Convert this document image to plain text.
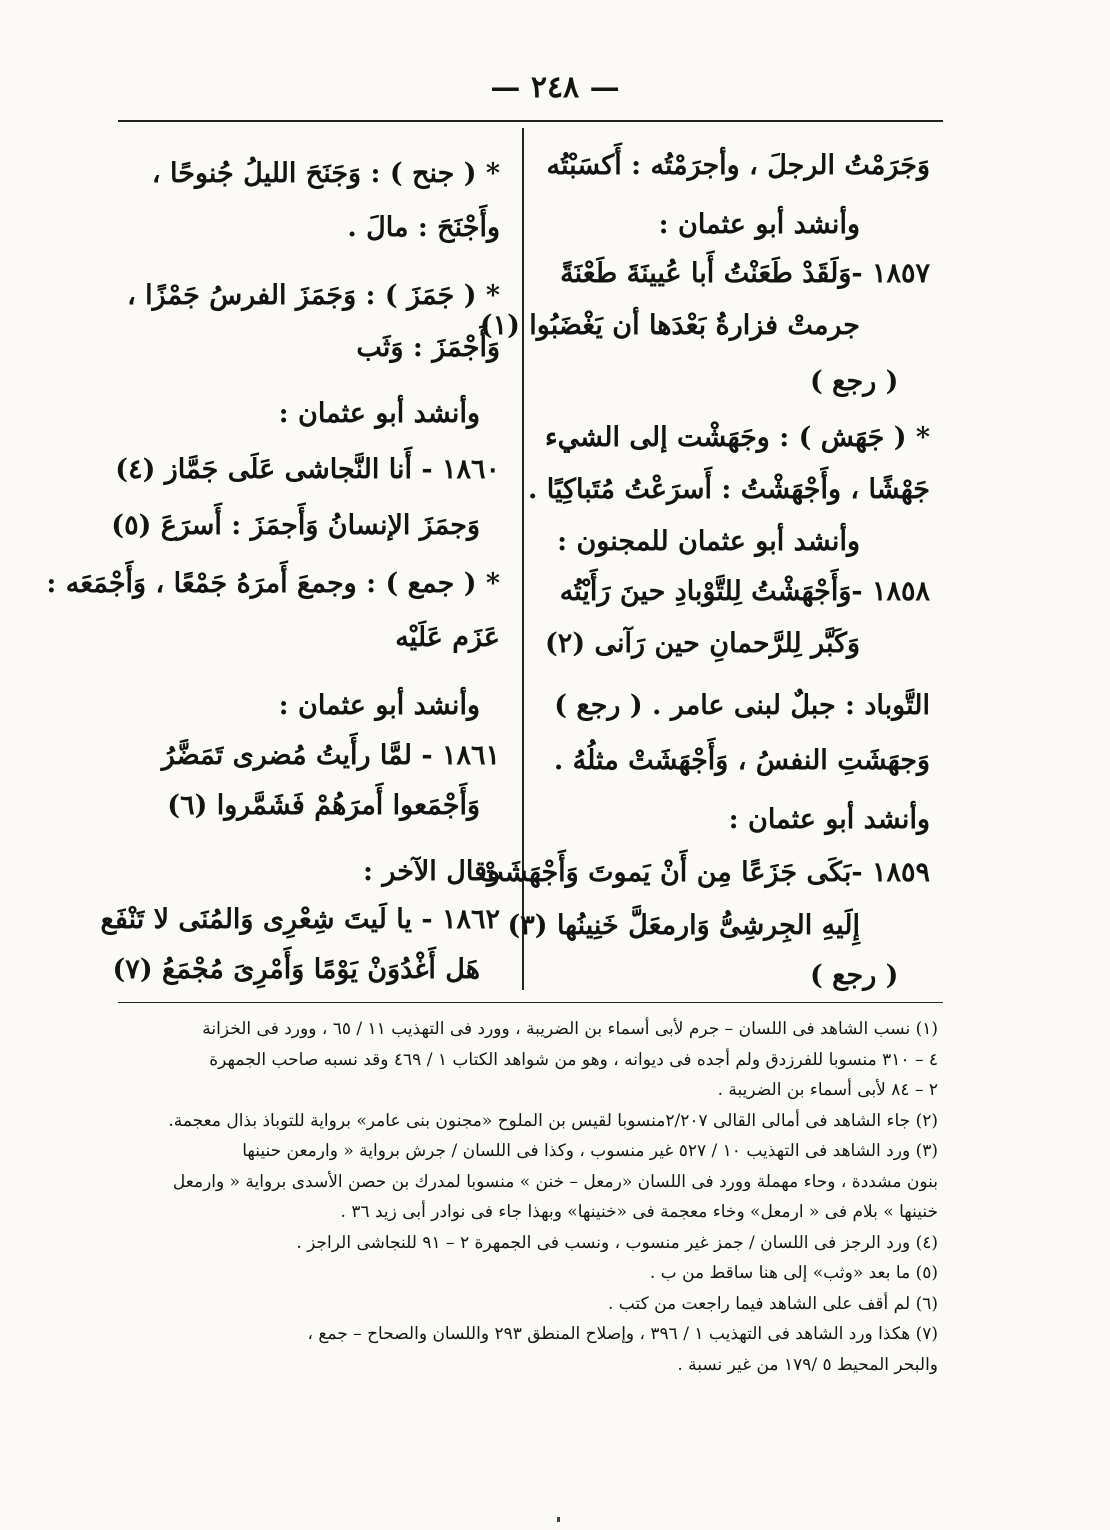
— ٢٤٨ —
وَجَرَمْتُ الرجلَ ، وأجرَمْتُه : أَكسَبْتُه
وأنشد أبو عثمان :
١٨٥٧ -وَلَقَدْ طَعَنْتُ أَبا عُيينَةَ طَعْنَةً
جرمتْ فزارةُ بَعْدَها أن يَغْضَبُوا (١)
( رجع )
* ( جَهَش ) : وجَهَشْت إلى الشيء
جَهْشًا ، وأَجْهَشْتُ : أَسرَعْتُ مُتَباكِيًا .
وأنشد أبو عثمان للمجنون :
١٨٥٨ -وَأَجْهَشْتُ لِلتَّوْبادِ حينَ رَأَيْتُه
وَكَبَّر لِلرَّحمانِ حين رَآنى (٢)
التَّوباد : جبلٌ لبنى عامر . ( رجع )
وَجهَشَتِ النفسُ ، وَأَجْهَشَتْ مثلُهُ .
وأنشد أبو عثمان :
١٨٥٩ -بَكَى جَزَعًا مِن أَنْ يَموتَ وَأَجْهَشَتْ
إِلَيهِ الجِرشِىُّ وَارمعَلَّ خَنِينُها (٣)
( رجع )
* ( جنح ) : وَجَنَحَ الليلُ جُنوحًا ،
وأَجْنَحَ : مالَ .
* ( جَمَزَ ) : وَجَمَزَ الفرسُ جَمْزًا ،
وَأَجْمَزَ : وَثَب
وأنشد أبو عثمان :
١٨٦٠ - أَنا النَّجاشى عَلَى جَمَّاز (٤)
وَجمَزَ الإنسانُ وَأَجمَزَ : أَسرَعَ (٥)
* ( جمع ) : وجمعَ أَمرَهُ جَمْعًا ، وَأَجْمَعَه :
عَزَم عَلَيْه
وأنشد أبو عثمان :
١٨٦١ - لمَّا رأَيتُ مُضرى تَمَضَّرُ
وَأَجْمَعوا أَمرَهُمْ فَشَمَّروا (٦)
وقال الآخر :
١٨٦٢ - يا لَيتَ شِعْرِى وَالمُنَى لا تَنْفَع
هَل أَغْدُوَنْ يَوْمًا وَأَمْرِىَ مُجْمَعُ (٧)

(١) نسب الشاهد فى اللسان – جرم لأبى أسماء بن الضريبة ، وورد فى التهذيب ١١ / ٦٥ ، وورد فى الخزانة

٤ – ٣١٠ منسوبا للفرزدق ولم أجده فى ديوانه ، وهو من شواهد الكتاب ١ / ٤٦٩ وقد نسبه صاحب الجمهرة

٢ – ٨٤ لأبى أسماء بن الضريبة .

(٢) جاء الشاهد فى أمالى القالى ٢/٢٠٧منسوبا لقيس بن الملوح «مجنون بنى عامر» برواية للتوباذ بذال معجمة.

(٣) ورد الشاهد فى التهذيب ١٠ / ٥٢٧ غير منسوب ، وكذا فى اللسان / جرش برواية « وارمعن حنينها

بنون مشددة ، وحاء مهملة وورد فى اللسان «رمعل – خنن » منسوبا لمدرك بن حصن الأسدى برواية « وارمعل

خنينها » بلام فى « ارمعل» وخاء معجمة فى «خنينها» وبهذا جاء فى نوادر أبى زيد ٣٦ .

(٤) ورد الرجز فى اللسان / جمز غير منسوب ، ونسب فى الجمهرة ٢ – ٩١ للنجاشى الراجز .

(٥) ما بعد «وثب» إلى هنا ساقط من ب .

(٦) لم أقف على الشاهد فيما راجعت من كتب .

(٧) هكذا ورد الشاهد فى التهذيب ١ / ٣٩٦ ، وإصلاح المنطق ٢٩٣ واللسان والصحاح – جمع ،

والبحر المحيط ٥ /١٧٩ من غير نسبة .
